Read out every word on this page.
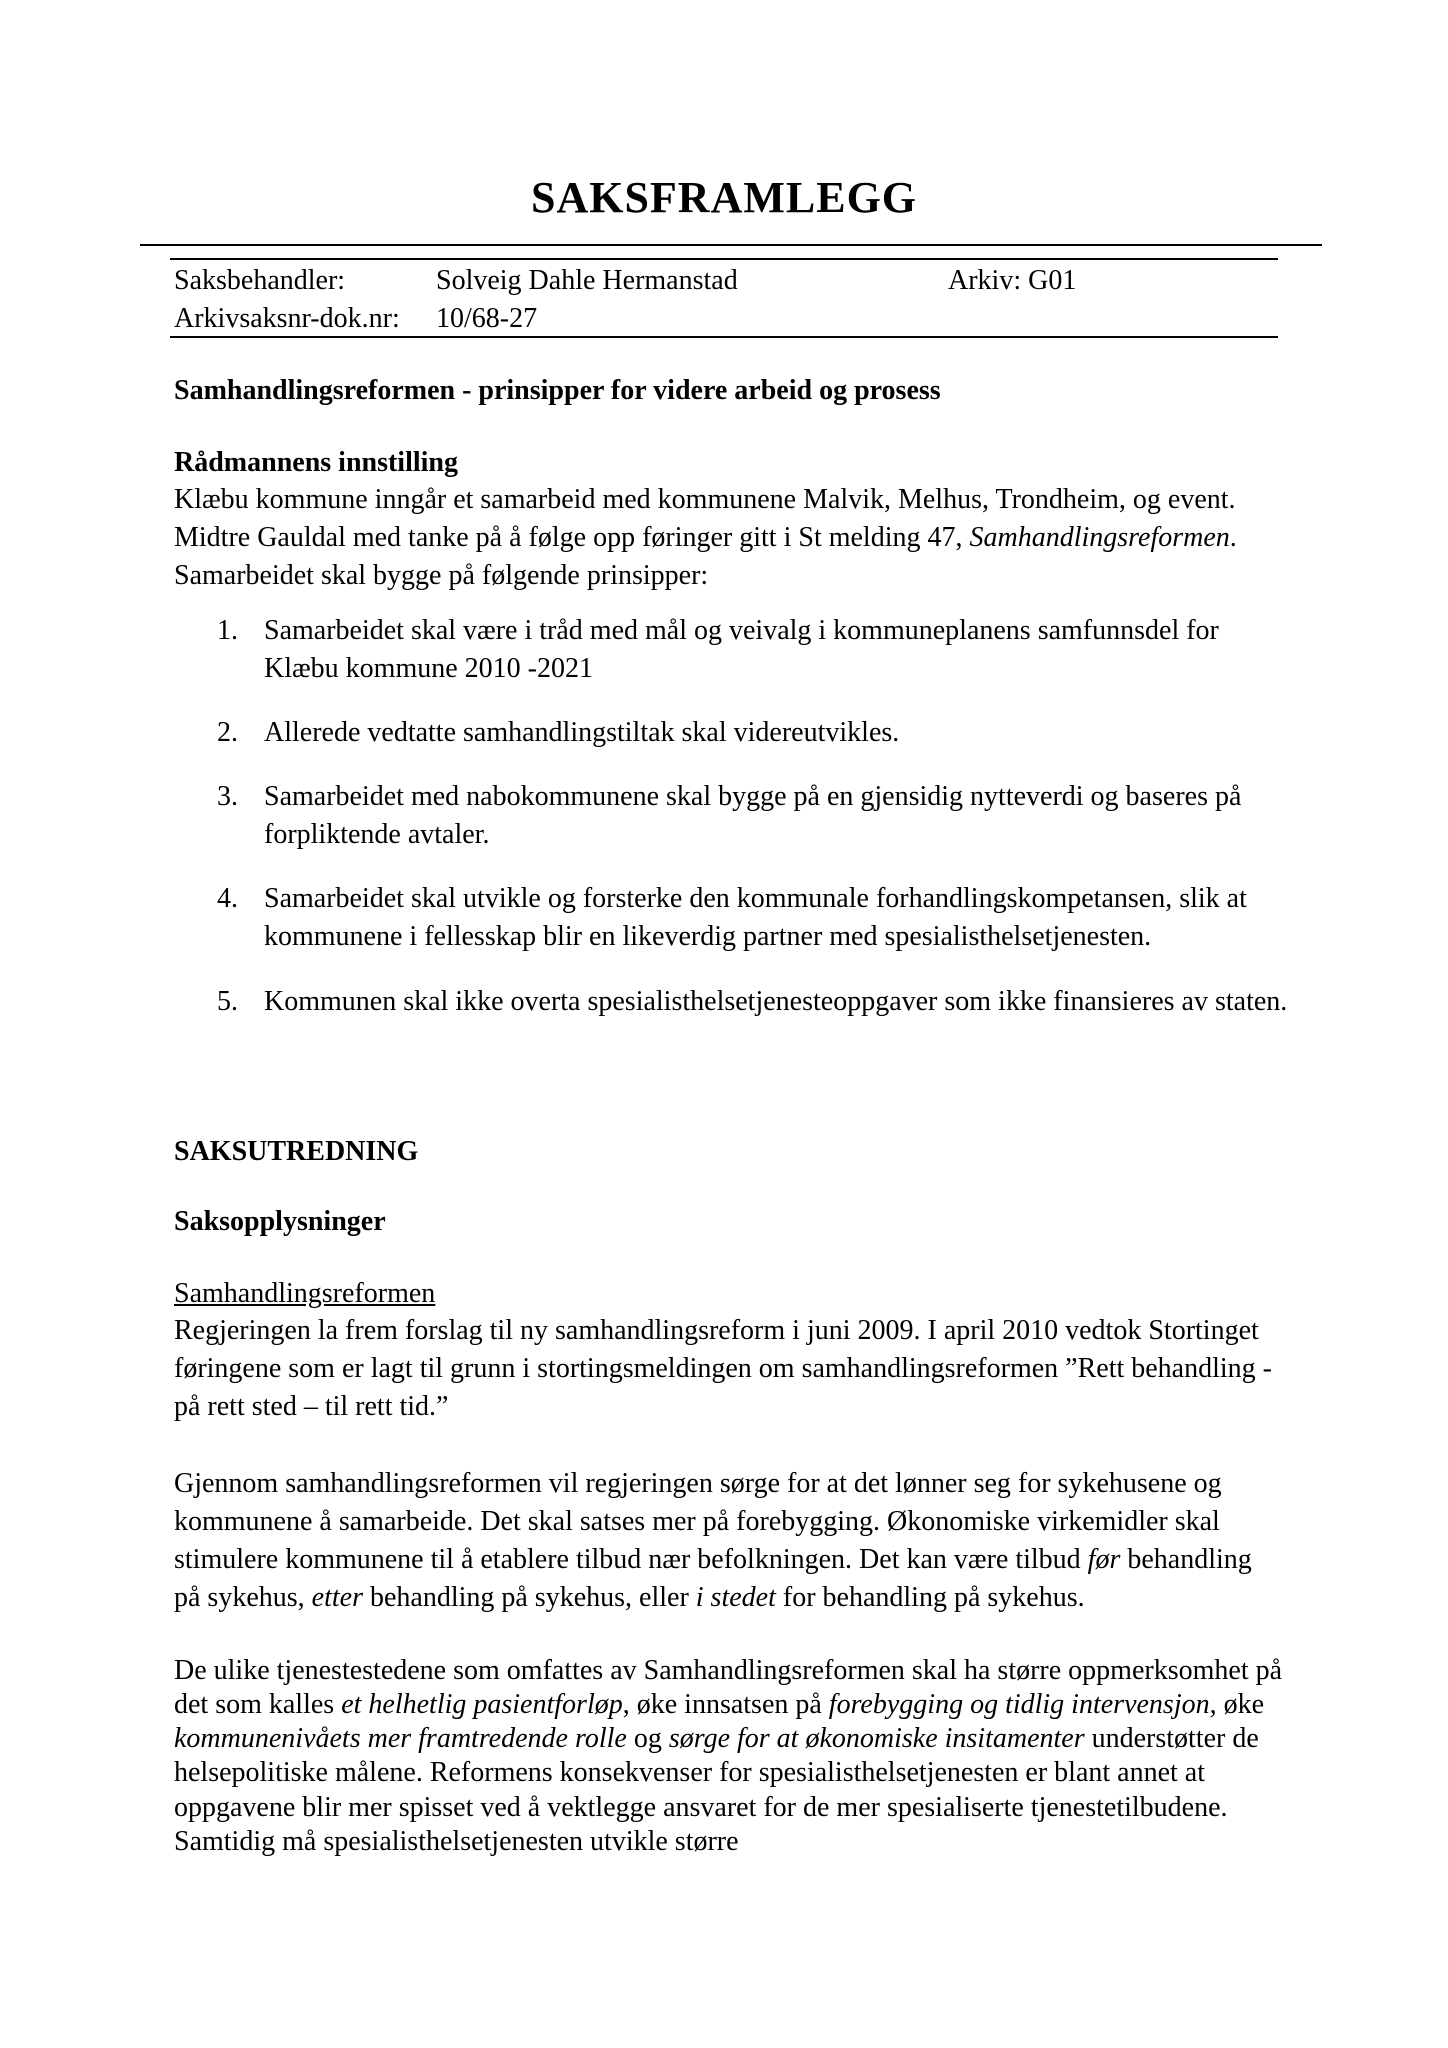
SAKSFRAMLEGG
Saksbehandler:	Solveig Dahle Hermanstad	Arkiv: G01
Arkivsaksnr-dok.nr:	10/68-27

Samhandlingsreformen - prinsipper for videre arbeid og prosess

Rådmannens innstilling

Klæbu kommune inngår et samarbeid med kommunene Malvik, Melhus, Trondheim, og event. Midtre Gauldal med tanke på å følge opp føringer gitt i St melding 47, Samhandlingsreformen. Samarbeidet skal bygge på følgende prinsipper:

1. Samarbeidet skal være i tråd med mål og veivalg i kommuneplanens samfunnsdel for Klæbu kommune 2010 -2021
2. Allerede vedtatte samhandlingstiltak skal videreutvikles.
3. Samarbeidet med nabokommunene skal bygge på en gjensidig nytteverdi og baseres på forpliktende avtaler.
4. Samarbeidet skal utvikle og forsterke den kommunale forhandlingskompetansen, slik at kommunene i fellesskap blir en likeverdig partner med spesialisthelsetjenesten.
5. Kommunen skal ikke overta spesialisthelsetjenesteoppgaver som ikke finansieres av staten.

SAKSUTREDNING

Saksopplysninger

Samhandlingsreformen

Regjeringen la frem forslag til ny samhandlingsreform i juni 2009. I april 2010 vedtok Stortinget føringene som er lagt til grunn i stortingsmeldingen om samhandlingsreformen ”Rett behandling - på rett sted – til rett tid.”

Gjennom samhandlingsreformen vil regjeringen sørge for at det lønner seg for sykehusene og kommunene å samarbeide. Det skal satses mer på forebygging. Økonomiske virkemidler skal stimulere kommunene til å etablere tilbud nær befolkningen. Det kan være tilbud før behandling på sykehus, etter behandling på sykehus, eller i stedet for behandling på sykehus.

De ulike tjenestestedene som omfattes av Samhandlingsreformen skal ha større oppmerksomhet på det som kalles et helhetlig pasientforløp, øke innsatsen på forebygging og tidlig intervensjon, øke kommunenivåets mer framtredende rolle og sørge for at økonomiske insitamenter understøtter de helsepolitiske målene. Reformens konsekvenser for spesialisthelsetjenesten er blant annet at oppgavene blir mer spisset ved å vektlegge ansvaret for de mer spesialiserte tjenestetilbudene. Samtidig må spesialisthelsetjenesten utvikle større
